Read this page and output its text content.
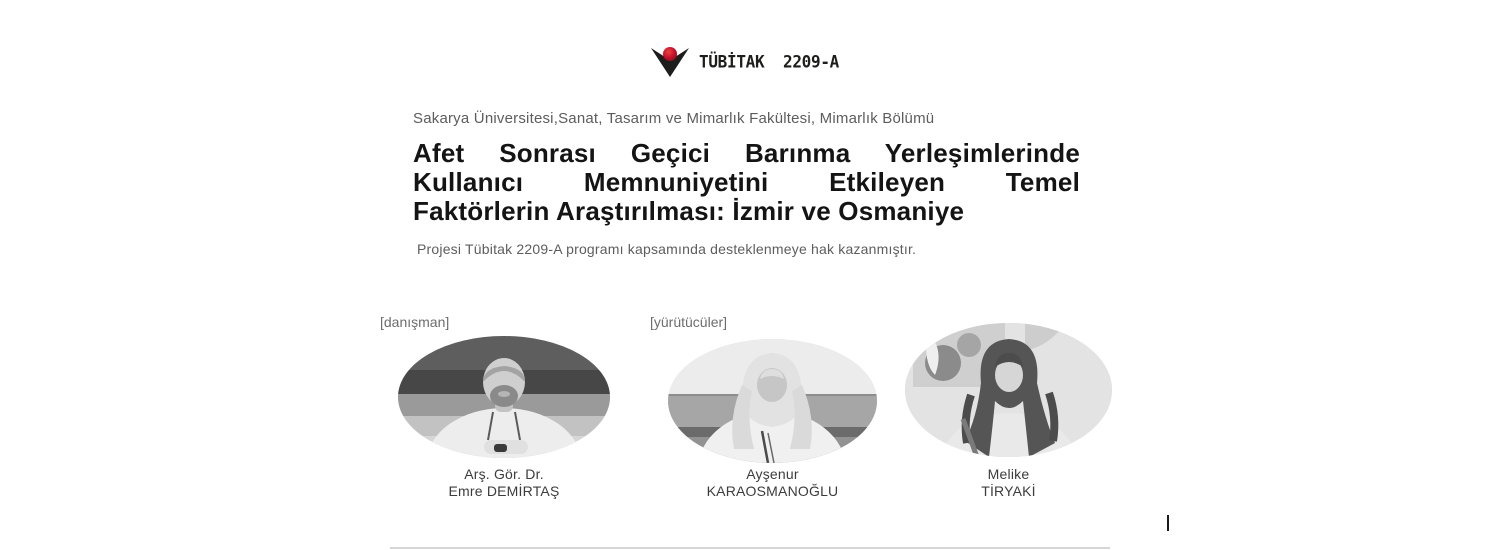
TÜBİTAK  2209-A
Sakarya Üniversitesi,Sanat, Tasarım ve Mimarlık Fakültesi, Mimarlık Bölümü
Afet Sonrası Geçici Barınma Yerleşimlerinde
Kullanıcı Memnuniyetini Etkileyen Temel
Faktörlerin Araştırılması: İzmir ve Osmaniye
Projesi Tübitak 2209-A programı kapsamında desteklenmeye hak kazanmıştır.
[danışman]	[yürütücüler]
Arş. Gör. Dr.
Emre DEMİRTAŞ
Ayşenur
KARAOSMANOĞLU
Melike
TİRYAKİ
